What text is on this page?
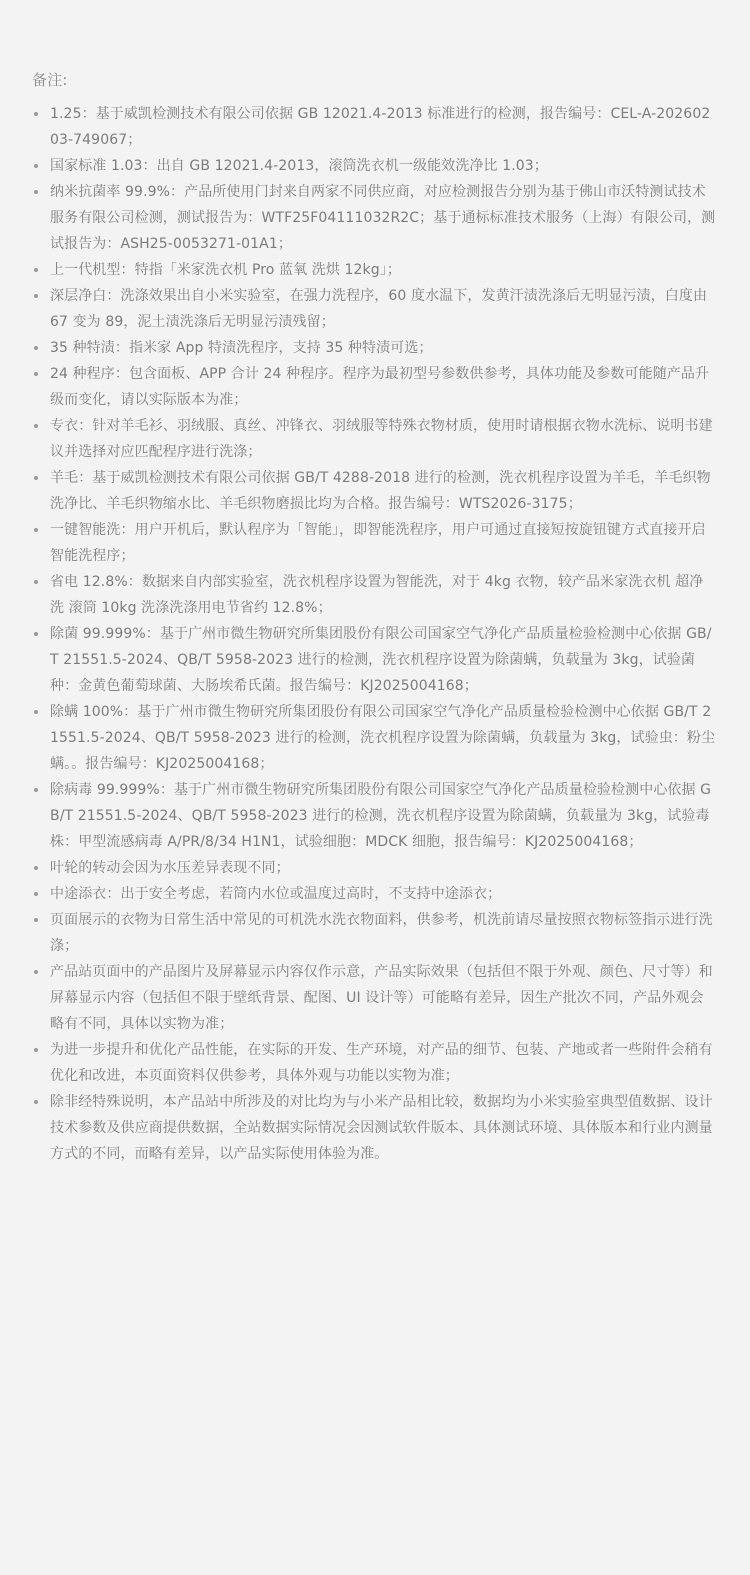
备注:
1.25：基于威凯检测技术有限公司依据 GB 12021.4-2013 标准进行的检测，报告编号：CEL-A-20260203-749067；
国家标准 1.03：出自 GB 12021.4-2013，滚筒洗衣机一级能效洗净比 1.03；
纳米抗菌率 99.9%：产品所使用门封来自两家不同供应商，对应检测报告分别为基于佛山市沃特测试技术服务有限公司检测，测试报告为：WTF25F04111032R2C；基于通标标准技术服务（上海）有限公司，测试报告为：ASH25-0053271-01A1；
上一代机型：特指「米家洗衣机 Pro 蓝氧 洗烘 12kg」；
深层净白：洗涤效果出自小米实验室，在强力洗程序，60 度水温下，发黄汗渍洗涤后无明显污渍，白度由 67 变为 89，泥土渍洗涤后无明显污渍残留；
35 种特渍：指米家 App 特渍洗程序，支持 35 种特渍可选；
24 种程序：包含面板、APP 合计 24 种程序。程序为最初型号参数供参考，具体功能及参数可能随产品升级而变化，请以实际版本为准；
专衣：针对羊毛衫、羽绒服、真丝、冲锋衣、羽绒服等特殊衣物材质，使用时请根据衣物水洗标、说明书建议并选择对应匹配程序进行洗涤；
羊毛：基于威凯检测技术有限公司依据 GB/T 4288-2018 进行的检测，洗衣机程序设置为羊毛，羊毛织物洗净比、羊毛织物缩水比、羊毛织物磨损比均为合格。报告编号：WTS2026-3175；
一键智能洗：用户开机后，默认程序为「智能」，即智能洗程序，用户可通过直接短按旋钮键方式直接开启智能洗程序；
省电 12.8%：数据来自内部实验室，洗衣机程序设置为智能洗，对于 4kg 衣物，较产品米家洗衣机 超净洗 滚筒 10kg 洗涤洗涤用电节省约 12.8%；
除菌 99.999%：基于广州市微生物研究所集团股份有限公司国家空气净化产品质量检验检测中心依据 GB/T 21551.5-2024、QB/T 5958-2023 进行的检测，洗衣机程序设置为除菌螨，负载量为 3kg，试验菌种：金黄色葡萄球菌、大肠埃希氏菌。报告编号：KJ2025004168；
除螨 100%：基于广州市微生物研究所集团股份有限公司国家空气净化产品质量检验检测中心依据 GB/T 21551.5-2024、QB/T 5958-2023 进行的检测，洗衣机程序设置为除菌螨，负载量为 3kg，试验虫：粉尘螨。。报告编号：KJ2025004168；
除病毒 99.999%：基于广州市微生物研究所集团股份有限公司国家空气净化产品质量检验检测中心依据 GB/T 21551.5-2024、QB/T 5958-2023 进行的检测，洗衣机程序设置为除菌螨，负载量为 3kg，试验毒株：甲型流感病毒 A/PR/8/34 H1N1，试验细胞：MDCK 细胞，报告编号：KJ2025004168；
叶轮的转动会因为水压差异表现不同；
中途添衣：出于安全考虑，若筒内水位或温度过高时，不支持中途添衣；
页面展示的衣物为日常生活中常见的可机洗水洗衣物面料，供参考，机洗前请尽量按照衣物标签指示进行洗涤；
产品站页面中的产品图片及屏幕显示内容仅作示意，产品实际效果（包括但不限于外观、颜色、尺寸等）和屏幕显示内容（包括但不限于壁纸背景、配图、UI 设计等）可能略有差异，因生产批次不同，产品外观会略有不同，具体以实物为准；
为进一步提升和优化产品性能，在实际的开发、生产环境，对产品的细节、包装、产地或者一些附件会稍有优化和改进，本页面资料仅供参考，具体外观与功能以实物为准；
除非经特殊说明，本产品站中所涉及的对比均为与小米产品相比较，数据均为小米实验室典型值数据、设计技术参数及供应商提供数据，全站数据实际情况会因测试软件版本、具体测试环境、具体版本和行业内测量方式的不同，而略有差异，以产品实际使用体验为准。
